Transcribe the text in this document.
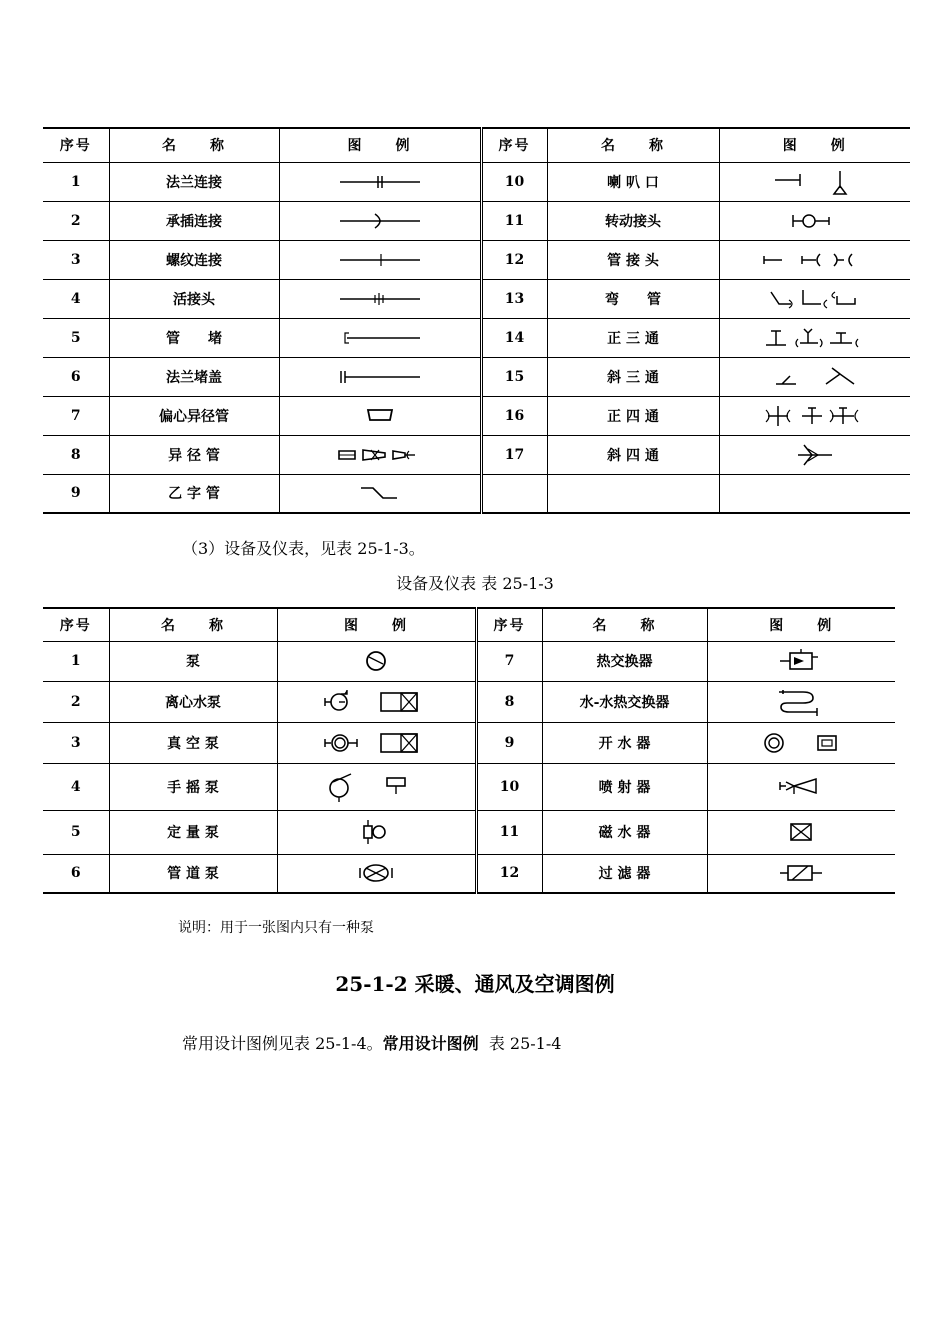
序号	名　　称	图　　例	序号	名　　称	图　　例
1	法兰连接		10	喇 叭 口	

2	承插连接		11	转动接头	

3	螺纹连接		12	管 接 头	

4	活接头		13	弯　　管	

5	管　　堵		14	正 三 通	

6	法兰堵盖		15	斜 三 通	

7	偏心异径管		16	正 四 通	

8	异 径 管		17	斜 四 通	

9	乙 字 管	

（3）设备及仪表，见表 25-1-3。
设备及仪表 表 25-1-3
序号	名　　称	图　　例	序号	名　　称	图　　例
1	泵		7	热交换器	

2	离心水泵		8	水-水热交换器	

3	真 空 泵		9	开 水 器	

4	手 摇 泵		10	喷 射 器	

5	定 量 泵		11	磁 水 器	

6	管 道 泵		12	过 滤 器	
说明：用于一张图内只有一种泵
25-1-2 采暖、通风及空调图例
常用设计图例见表 25-1-4。常用设计图例  表 25-1-4
